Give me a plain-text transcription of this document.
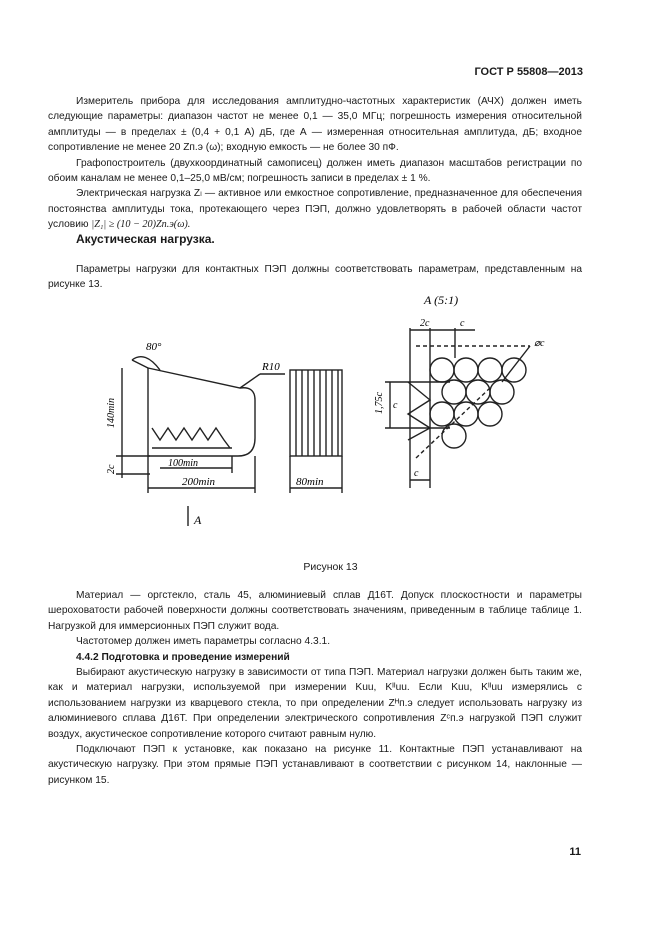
ГОСТ Р 55808—2013

Измеритель прибора для исследования амплитудно-частотных характеристик (АЧХ) должен иметь следующие параметры: диапазон частот не менее 0,1 — 35,0 МГц; погрешность измерения относительной амплитуды — в пределах ± (0,4 + 0,1 А) дБ, где А — измеренная относительная амплитуда, дБ; входное сопротивление не менее 20 Zп.э (ω); входную емкость — не более 30 пФ.

Графопостроитель (двухкоординатный самописец) должен иметь диапазон масштабов регистрации по обоим каналам не менее 0,1–25,0 мВ/см; погрешность записи в пределах ± 1 %.

Электрическая нагрузка Zₗ — активное или емкостное сопротивление, предназначенное для обеспечения постоянства амплитуды тока, протекающего через ПЭП, должно удовлетворять в рабочей области частот условию |Z₁| ≥ (10 − 20)Zп.э(ω).

Акустическая нагрузка.

Параметры нагрузки для контактных ПЭП должны соответствовать параметрам, представленным на рисунке 13.

80°
R10
140min
2c
100min
200min	80min
A
A (5:1)
2c	c
⌀c
1,75c c
c
Рисунок 13

Материал — оргстекло, сталь 45, алюминиевый сплав Д16Т. Допуск плоскостности и параметры шероховатости рабочей поверхности должны соответствовать значениям, приведенным в таблице таблице 1. Нагрузкой для иммерсионных ПЭП служит вода.

Частотомер должен иметь параметры согласно 4.3.1.

4.4.2 Подготовка и проведение измерений

Выбирают акустическую нагрузку в зависимости от типа ПЭП. Материал нагрузки должен быть таким же, как и материал нагрузки, используемой при измерении Kuu, Kᴵᴵuu. Если Kuu, Kᴵᴵuu измерялись с использованием нагрузки из кварцевого стекла, то при определении Zᴴп.э следует использовать нагрузку из алюминиевого сплава Д16Т. При определении электрического сопротивления Zᶜп.э нагрузкой ПЭП служит воздух, акустическое сопротивление которого считают равным нулю.

Подключают ПЭП к установке, как показано на рисунке 11. Контактные ПЭП устанавливают на акустическую нагрузку. При этом прямые ПЭП устанавливают в соответствии с рисунком 14, наклонные — рисунком 15.

11
